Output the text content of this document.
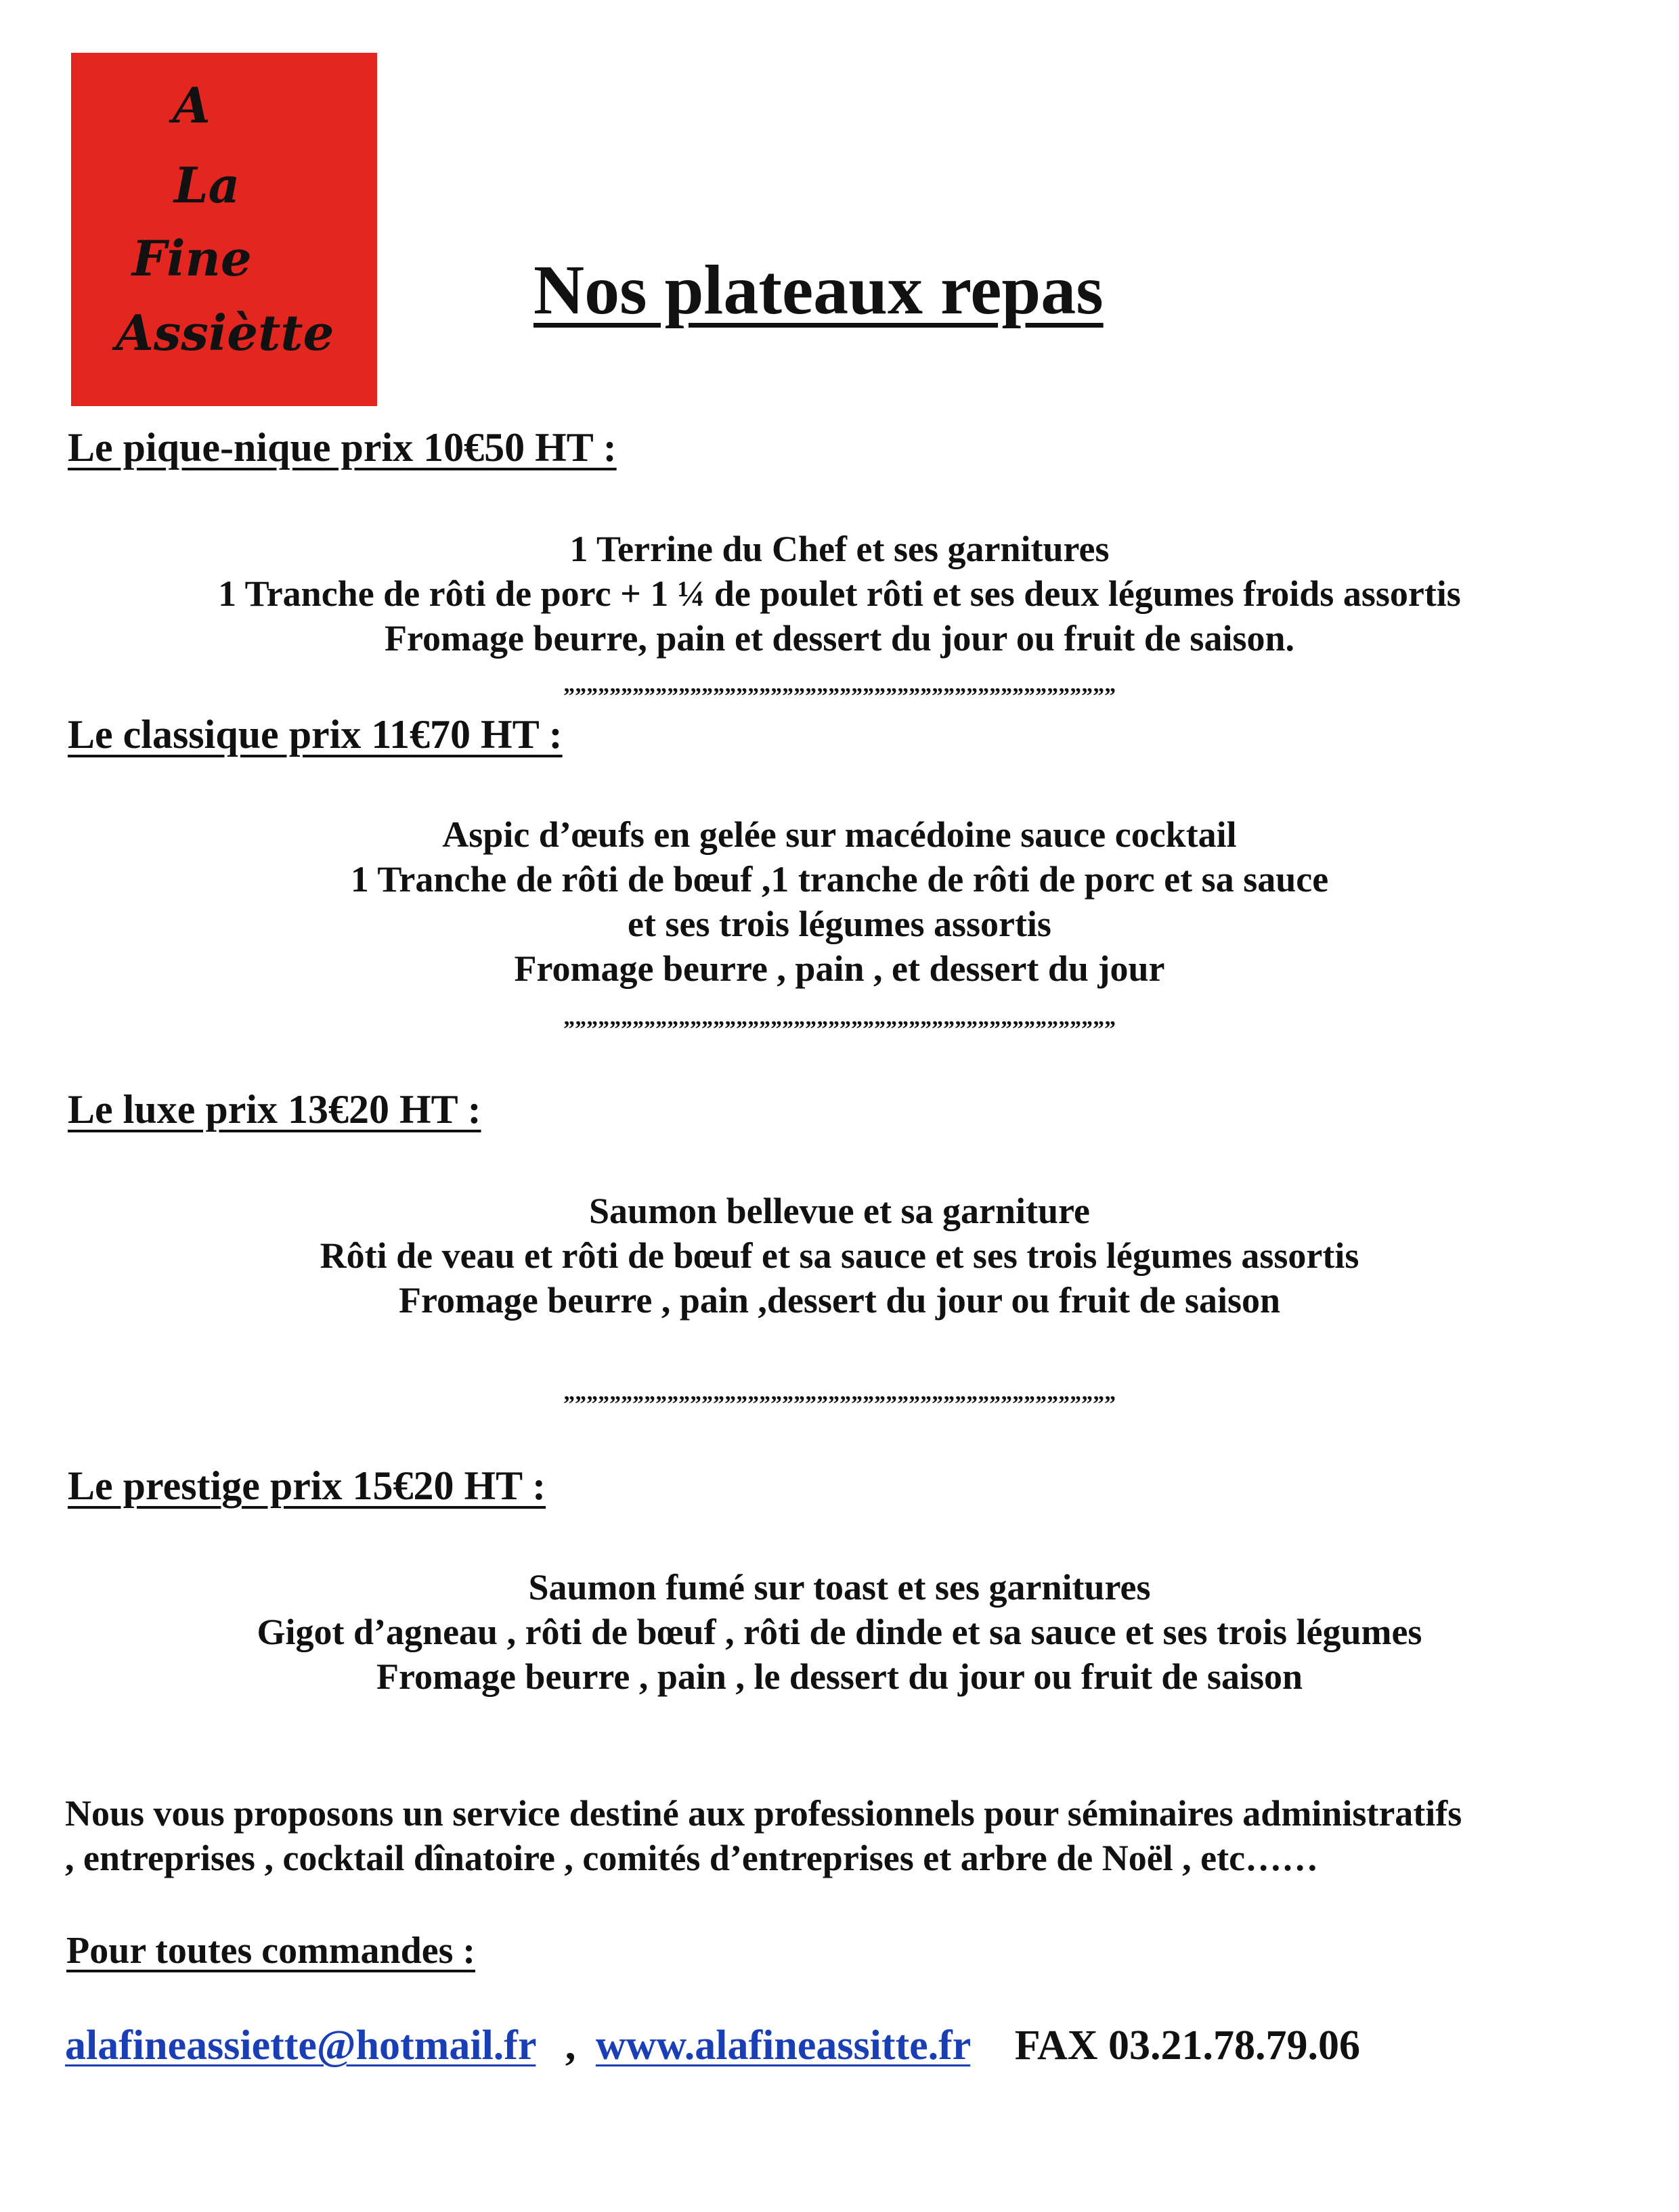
A
La
Fine
Assiètte
Nos plateaux repas
Le pique-nique prix 10€50 HT :
1 Terrine du Chef et ses garnitures
1 Tranche de rôti de porc + 1 ¼ de poulet rôti et ses deux légumes froids assortis
Fromage beurre, pain et dessert du jour ou fruit de saison.
””””””””””””””””””””””””””””””””””””””””””””””””
Le classique prix 11€70 HT :
Aspic d’œufs en gelée sur macédoine sauce cocktail
1 Tranche de rôti de bœuf ,1 tranche de rôti de porc et sa sauce
et ses trois légumes assortis
Fromage beurre , pain , et dessert du jour
””””””””””””””””””””””””””””””””””””””””””””””””
Le luxe prix 13€20 HT :
Saumon bellevue et sa garniture
Rôti de veau et rôti de bœuf et sa sauce et ses trois légumes assortis
Fromage beurre , pain ,dessert du jour ou fruit de saison
””””””””””””””””””””””””””””””””””””””””””””””””
Le prestige prix 15€20 HT :
Saumon fumé sur toast et ses garnitures
Gigot d’agneau , rôti de bœuf , rôti de dinde et sa sauce et ses trois légumes
Fromage beurre , pain , le dessert du jour ou fruit de saison
Nous vous proposons un service destiné aux professionnels pour séminaires administratifs
, entreprises , cocktail dînatoire , comités d’entreprises et arbre de Noël , etc……
Pour toutes commandes :
alafineassiette@hotmail.fr , www.alafineassitte.fr FAX 03.21.78.79.06
